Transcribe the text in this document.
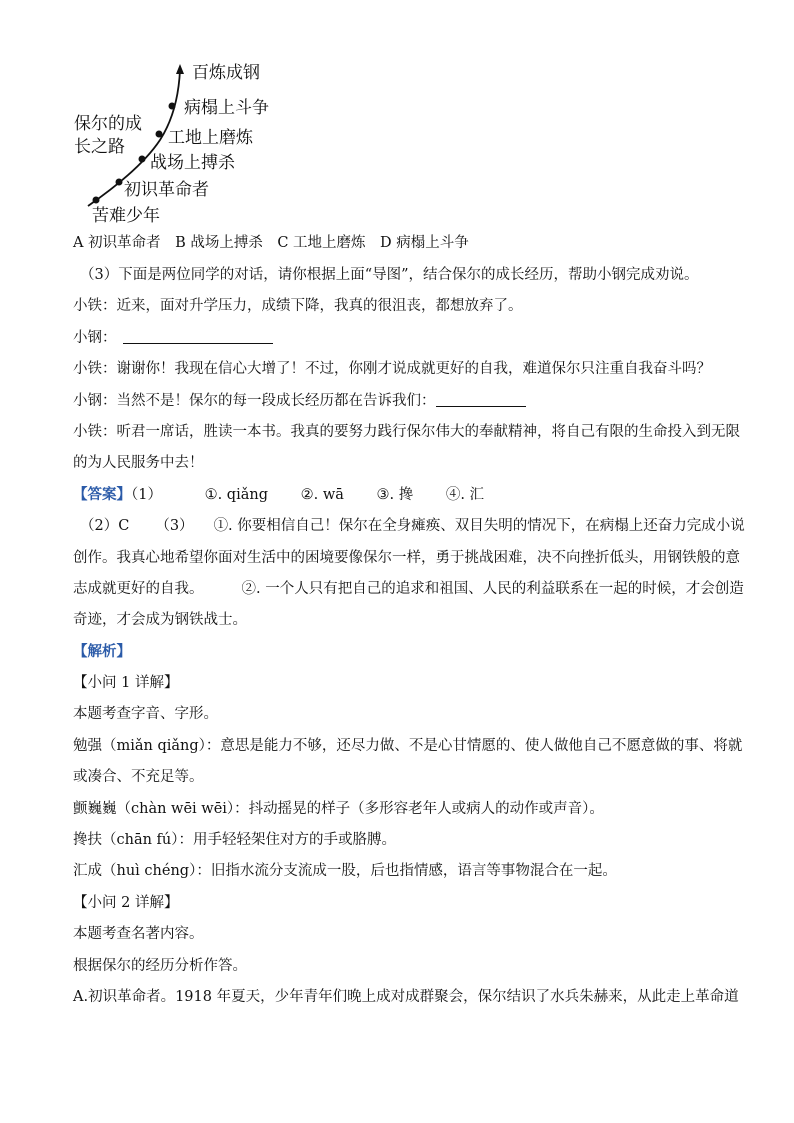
保尔的成
长之路
苦难少年
初识革命者
战场上搏杀
工地上磨炼
病榻上斗争
百炼成钢
A 初识革命者　B 战场上搏杀　C 工地上磨炼　D 病榻上斗争
（3）下面是两位同学的对话，请你根据上面“导图”，结合保尔的成长经历，帮助小钢完成劝说。
小铁：近来，面对升学压力，成绩下降，我真的很沮丧，都想放弃了。
小钢：
小铁：谢谢你！我现在信心大增了！不过，你刚才说成就更好的自我，难道保尔只注重自我奋斗吗？
小钢：当然不是！保尔的每一段成长经历都在告诉我们：
小铁：听君一席话，胜读一本书。我真的要努力践行保尔伟大的奉献精神，将自己有限的生命投入到无限
的为人民服务中去！
【答案】（1）	①. qiǎng ②. wā ③. 搀 ④. 汇
（2）C （3） ①. 你要相信自己！保尔在全身瘫痪、双目失明的情况下，在病榻上还奋力完成小说
创作。我真心地希望你面对生活中的困境要像保尔一样，勇于挑战困难，决不向挫折低头，用钢铁般的意
志成就更好的自我。	②. 一个人只有把自己的追求和祖国、人民的利益联系在一起的时候，才会创造
奇迹，才会成为钢铁战士。
【解析】
【小问 1 详解】
本题考查字音、字形。
勉强（miǎn qiǎng）：意思是能力不够，还尽力做、不是心甘情愿的、使人做他自己不愿意做的事、将就
或凑合、不充足等。
颤巍巍（chàn wēi wēi）：抖动摇晃的样子（多形容老年人或病人的动作或声音）。
搀扶（chān fú）：用手轻轻架住对方的手或胳膊。
汇成（huì chéng）：旧指水流分支流成一股，后也指情感，语言等事物混合在一起。
【小问 2 详解】
本题考查名著内容。
根据保尔的经历分析作答。
A.初识革命者。1918 年夏天，少年青年们晚上成对成群聚会，保尔结识了水兵朱赫来，从此走上革命道
